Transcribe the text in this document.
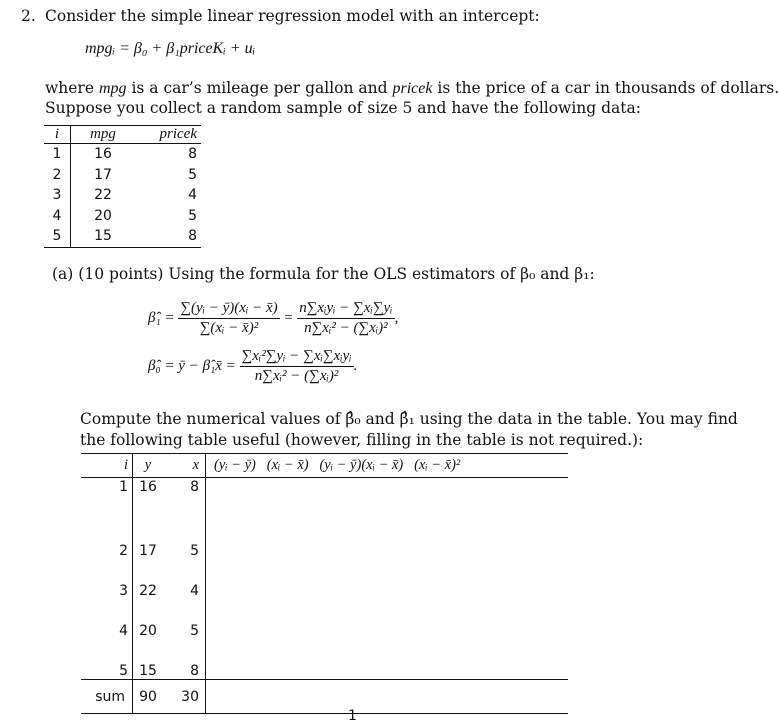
2. Consider the simple linear regression model with an intercept:
mpgᵢ = β₀ + β₁priceKᵢ + uᵢ
where mpg is a car’s mileage per gallon and pricek is the price of a car in thousands of dollars.
Suppose you collect a random sample of size 5 and have the following data:
i	mpg	pricek
1	16	8
2	17	5
3	22	4
4	20	5
5	15	8
(a) (10 points) Using the formula for the OLS estimators of β₀ and β₁:
β̂₁ = $\frac{\text{∑(yᵢ − ȳ)(xᵢ − x̄)}}{\text{∑(xᵢ − x̄)²}} = \frac{\text{n∑xᵢyᵢ − ∑xᵢ∑yᵢ}}{\text{n∑xᵢ² − (∑xᵢ)²}}$ ,
β̂₀ = ȳ − β̂₁x̄ = $\frac{\text{∑xᵢ²∑yᵢ − ∑xᵢ∑xᵢyᵢ}}{\text{n∑xᵢ² − (∑xᵢ)²}}$ .
Compute the numerical values of β̂₀ and β̂₁ using the data in the table. You may find
the following table useful (however, filling in the table is not required.):
i	y	x	(yᵢ − ȳ) (xᵢ − x̄) (yᵢ − ȳ)(xᵢ − x̄) (xᵢ − x̄)²
1	16	8	
2	17	5	
3	22	4	
4	20	5	
5	15	8	
sum	90	30	
1
